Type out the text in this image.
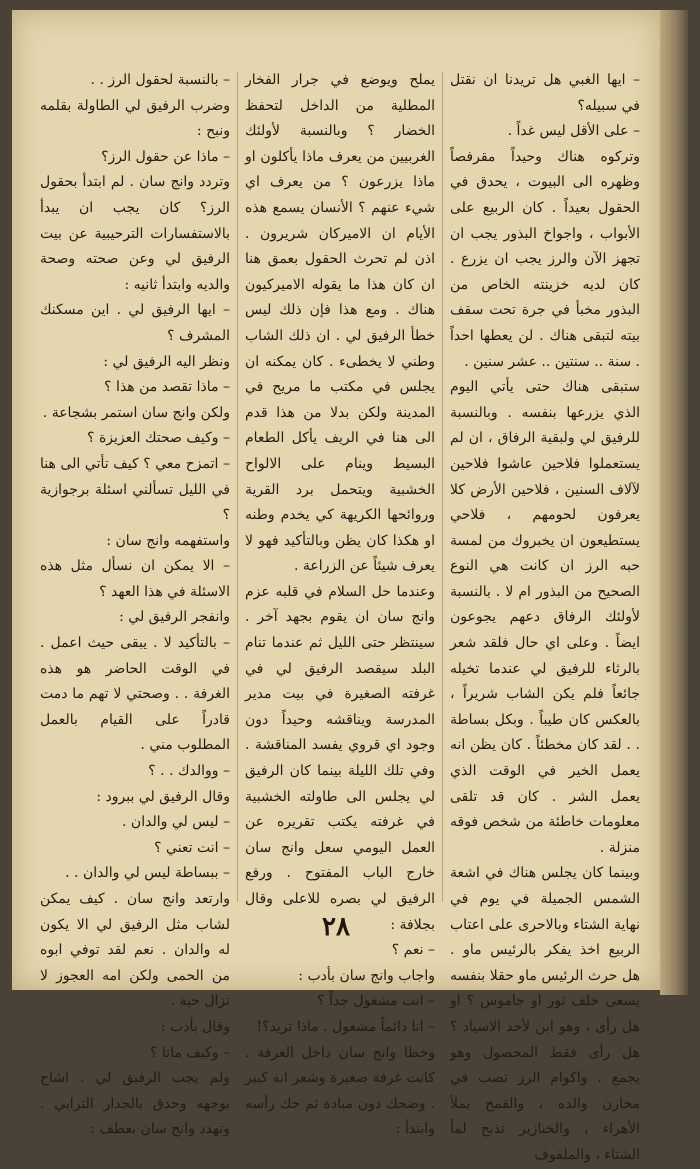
– ايها الغبي هل تريدنا ان نقتل في سبيله؟

– على الأقل ليس غداً .

وتركوه هناك وحيداً مقرفصاً وظهره الى البيوت ، يحدق في الحقول بعيداً . كان الربيع على الأبواب ، واجواخ البذور يجب ان تجهز الآن والرز يجب ان يزرع . كان لديه خزينته الخاص من البذور مخبأ في جرة تحت سقف بيته لتبقى هناك . لن يعطها احداً . سنة .. سنتين .. عشر سنين .

ستبقى هناك حتى يأتي اليوم الذي يزرعها بنفسه . وبالنسبة للرفيق لي ولبقية الرفاق ، ان لم يستعملوا فلاحين عاشوا فلاحين لآلاف السنين ، فلاحين الأرض كلا يعرفون لحومهم ، فلاحي يستطيعون ان يخبروك من لمسة حبه الرز ان كانت هي النوع الصحيح من البذور ام لا . بالنسبة لأولئك الرفاق دعهم يجوعون ايضاً . وعلى اي حال فلقد شعر بالرثاء للرفيق لي عندما تخيله جائعاً فلم يكن الشاب شريراً ، بالعكس كان طيباً . وبكل بساطة . . لقد كان مخطئاً . كان يظن انه يعمل الخير في الوقت الذي يعمل الشر . كان قد تلقى معلومات خاطئة من شخص فوقه منزلة .

وبينما كان يجلس هناك في اشعة الشمس الجميلة في يوم في نهاية الشتاء وبالاحرى على اعتاب الربيع اخذ يفكر بالرئيس ماو . هل حرث الرئيس ماو حقلا بنفسه يسعى خلف ثور او جاموس ؟ او هل رأى ، وهو ابن لأحد الاسياد ؟ هل رأى فقط المحصول وهو يجمع ، واكوام الرز تصب في مخازن والده ، والقمح يملأ الأهراء ، والخنازير تذبح لمأ الشتاء ، والملفوف

يملح ويوضع في جرار الفخار المطلية من الداخل لتحفظ الخضار ؟ وبالنسبة لأولئك الغربيين من يعرف ماذا يأكلون او ماذا يزرعون ؟ من يعرف اي شيء عنهم ؟ الأنسان يسمع هذه الأيام ان الاميركان شريرون . اذن لم تحرث الحقول بعمق هنا ان كان هذا ما يقوله الاميركيون هناك . ومع هذا فإن ذلك ليس خطأ الرفيق لي . ان ذلك الشاب وطني لا يخطىء . كان يمكنه ان يجلس في مكتب ما مريح في المدينة ولكن بدلا من هذا قدم الى هنا في الريف يأكل الطعام البسيط وينام على الالواح الخشبية ويتحمل برد القرية وروائحها الكريهة كي يخدم وطنه او هكذا كان يظن وبالتأكيد فهو لا يعرف شيئاً عن الزراعة .

وعندما حل السلام في قلبه عزم وانج سان ان يقوم بجهد آخر . سينتظر حتى الليل ثم عندما تنام البلد سيقصد الرفيق لي في غرفته الصغيرة في بيت مدير المدرسة ويناقشه وحيداً دون وجود اي قروي يفسد المناقشة . وفي تلك الليلة بينما كان الرفيق لي يجلس الى طاولته الخشبية في غرفته يكتب تقريره عن العمل اليومي سعل وانج سان خارج الباب المفتوح . ورفع الرفيق لي بصره للاعلى وقال بجلافة :

– نعم ؟

واجاب وانج سان بأدب :

– انت مشغول جداً ؟

– انا دائماً مشغول . ماذا تريد؟!

وخطا وانج سان داخل الغرفة . كانت غرفة صغيرة وشعر انه كبير . وضحك دون مبادة ثم حك رأسه وابتدأ :

– بالنسبة لحقول الرز . .

وضرب الرفيق لي الطاولة بقلمه ونبح :

– ماذا عن حقول الرز؟

وتردد وانج سان . لم ابتدأ بحقول الرز؟ كان يجب ان يبدأ بالاستفسارات الترحيبية عن بيت الرفيق لي وعن صحته وصحة والديه وابتدأ ثانيه :

– ايها الرفيق لي . اين مسكنك المشرف ؟

ونظر اليه الرفيق لي :

– ماذا تقصد من هذا ؟

ولكن وانج سان استمر بشجاعة .

– وكيف صحتك العزيزة ؟

– اتمزح معي ؟ كيف تأتي الى هنا في الليل تسألني اسئلة برجوازية ؟

واستفهمه وانج سان :

– الا يمكن ان نسأل مثل هذه الاسئلة في هذا العهد ؟

وانفجر الرفيق لي :

– بالتأكيد لا . يبقى حيث اعمل . في الوقت الحاضر هو هذه الغرفة . . وصحتي لا تهم ما دمت قادراً على القيام بالعمل المطلوب مني .

– ووالدك . . ؟

وقال الرفيق لي ببرود :

– ليس لي والدان .

– انت تعني ؟

– ببساطة ليس لي والدان . .

وارتعد وانج سان . كيف يمكن لشاب مثل الرفيق لي الا يكون له والدان . نعم لقد توفي ابوه من الحمى ولكن امه العجوز لا تزال حية .

وقال بأدب :

– وكيف ماتا ؟

ولم يجب الرفيق لي . اشاح بوجهه وحدق بالجدار الترابي . وتهدد وانج سان بعطف :

٢٨
